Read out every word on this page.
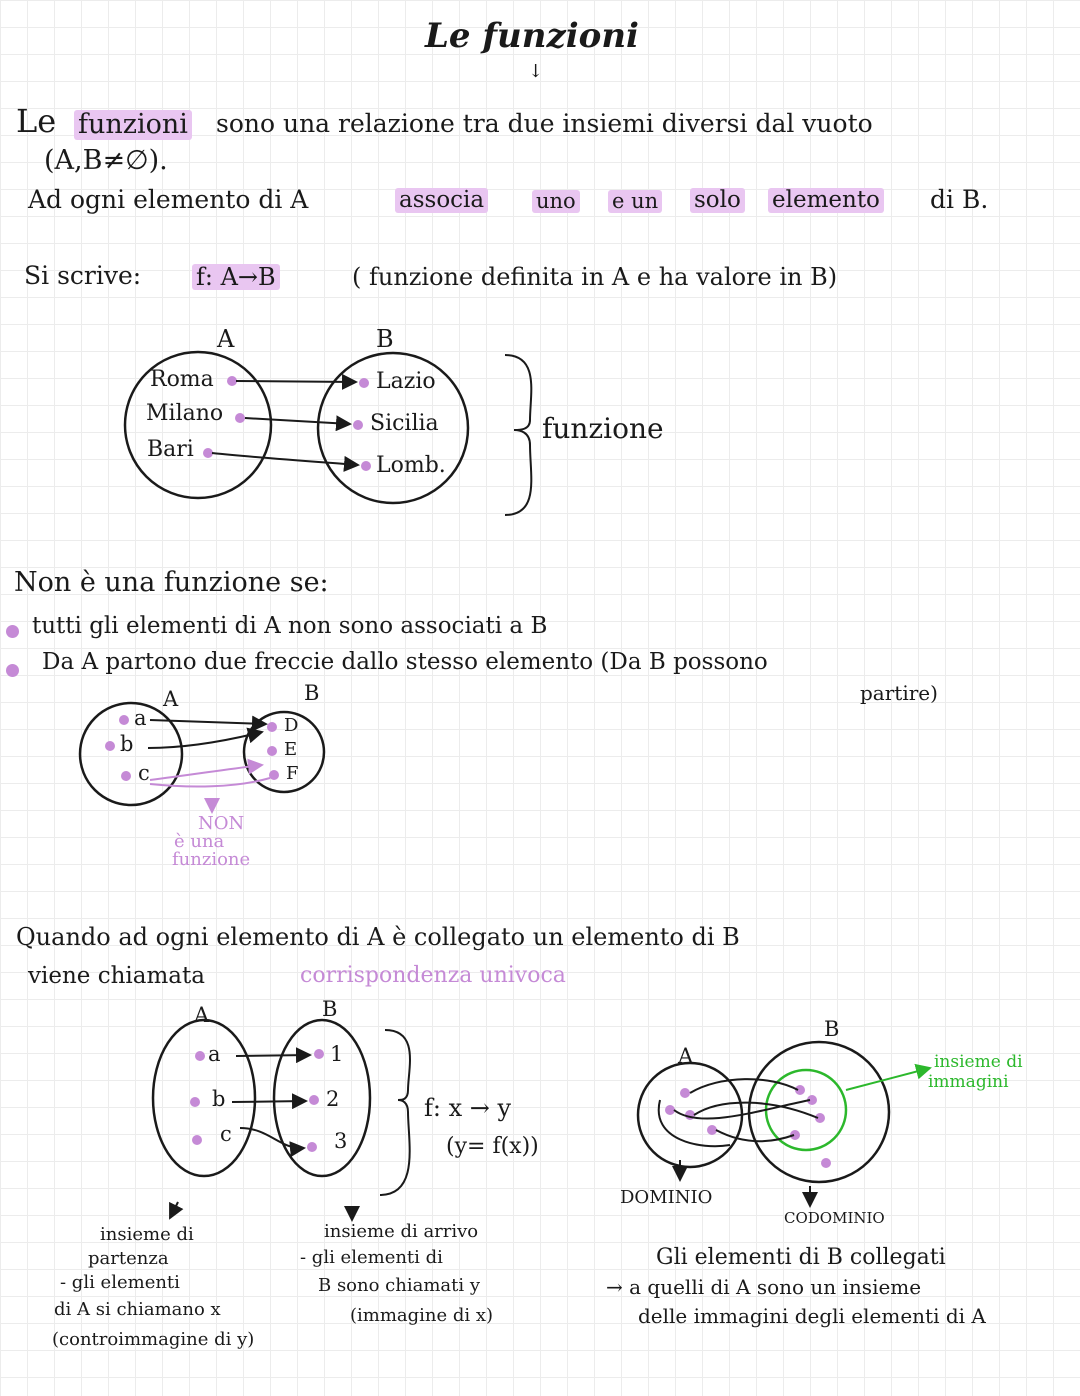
Le funzioni
↓
Le funzioni sono una relazione tra due insiemi diversi dal vuoto
(A,B≠∅).
Ad ogni elemento di A	associa uno e un solo elemento di B.
Si scrive: f: A→B	( funzione definita in A e ha valore in B)
A	B
Roma
Milano
Bari
Lazio
Sicilia
Lomb.
funzione
Non è una funzione se:
tutti gli elementi di A non sono associati a B
Da A partono due freccie dallo stesso elemento (Da B possono
partire)
A	B
a
b
c
D
E
F
NON
è una
funzione
Quando ad ogni elemento di A è collegato un elemento di B
viene chiamata	corrispondenza univoca
A	B
a
b
c
1
2
3
f: x → y
(y= f(x))
insieme di
partenza
- gli elementi
di A si chiamano x
(controimmagine di y)
insieme di arrivo
- gli elementi di
B sono chiamati y
(immagine di x)
A
B
insieme di
immagini
DOMINIO
CODOMINIO
Gli elementi di B collegati
→ a quelli di A sono un insieme
delle immagini degli elementi di A
